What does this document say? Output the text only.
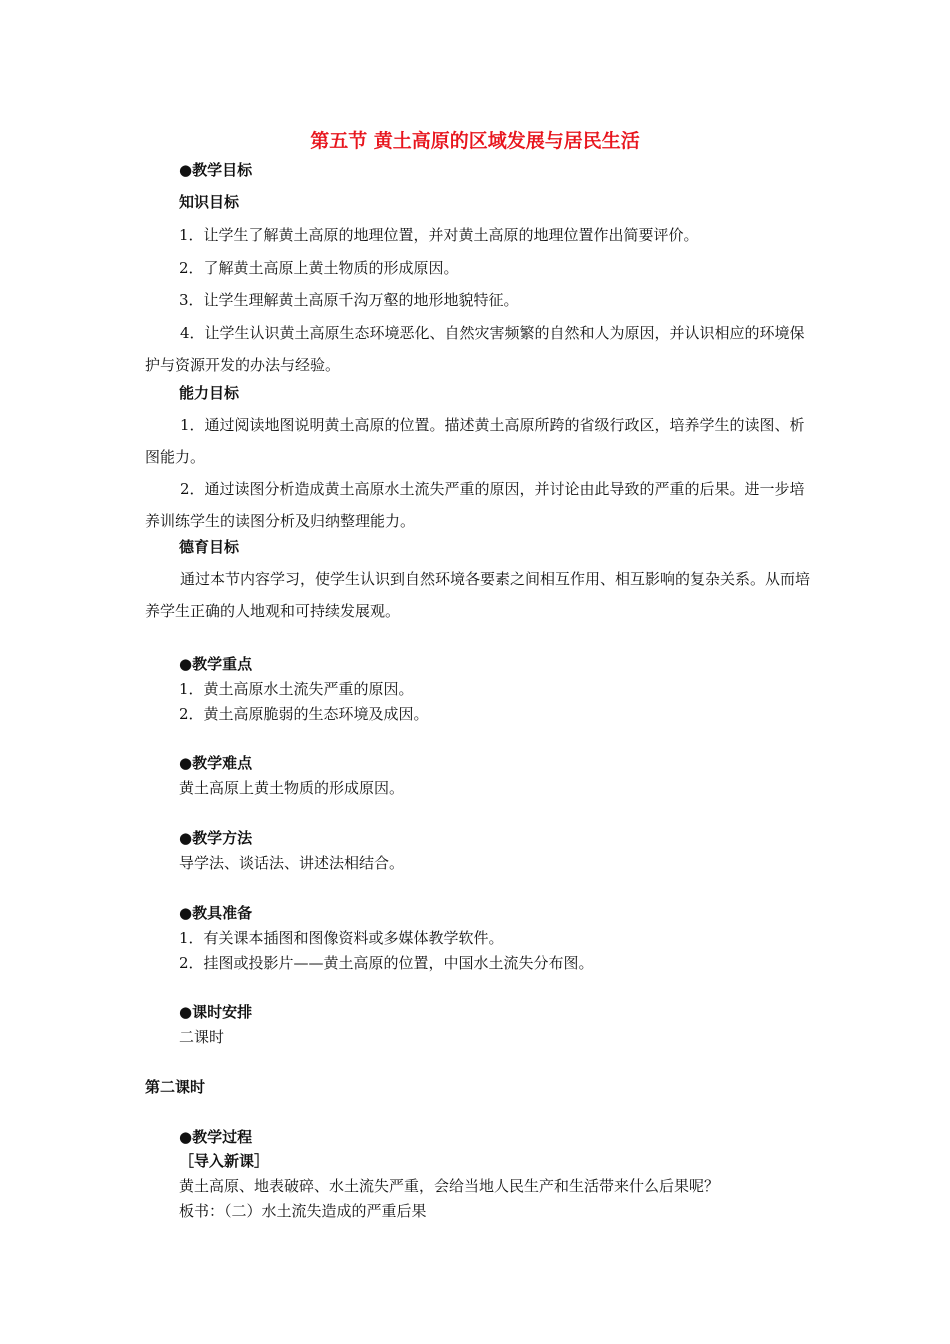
第五节 黄土高原的区域发展与居民生活
●教学目标
知识目标
1．让学生了解黄土高原的地理位置，并对黄土高原的地理位置作出简要评价。
2．了解黄土高原上黄土物质的形成原因。
3．让学生理解黄土高原千沟万壑的地形地貌特征。
4．让学生认识黄土高原生态环境恶化、自然灾害频繁的自然和人为原因，并认识相应的环境保护与资源开发的办法与经验。
能力目标
1．通过阅读地图说明黄土高原的位置。描述黄土高原所跨的省级行政区，培养学生的读图、析图能力。
2．通过读图分析造成黄土高原水土流失严重的原因，并讨论由此导致的严重的后果。进一步培养训练学生的读图分析及归纳整理能力。
德育目标
通过本节内容学习，使学生认识到自然环境各要素之间相互作用、相互影响的复杂关系。从而培养学生正确的人地观和可持续发展观。
●教学重点
1．黄土高原水土流失严重的原因。
2．黄土高原脆弱的生态环境及成因。
●教学难点
黄土高原上黄土物质的形成原因。
●教学方法
导学法、谈话法、讲述法相结合。
●教具准备
1．有关课本插图和图像资料或多媒体教学软件。
2．挂图或投影片——黄土高原的位置，中国水土流失分布图。
●课时安排
二课时
第二课时
●教学过程
［导入新课］
黄土高原、地表破碎、水土流失严重，会给当地人民生产和生活带来什么后果呢？
板书：（二）水土流失造成的严重后果
